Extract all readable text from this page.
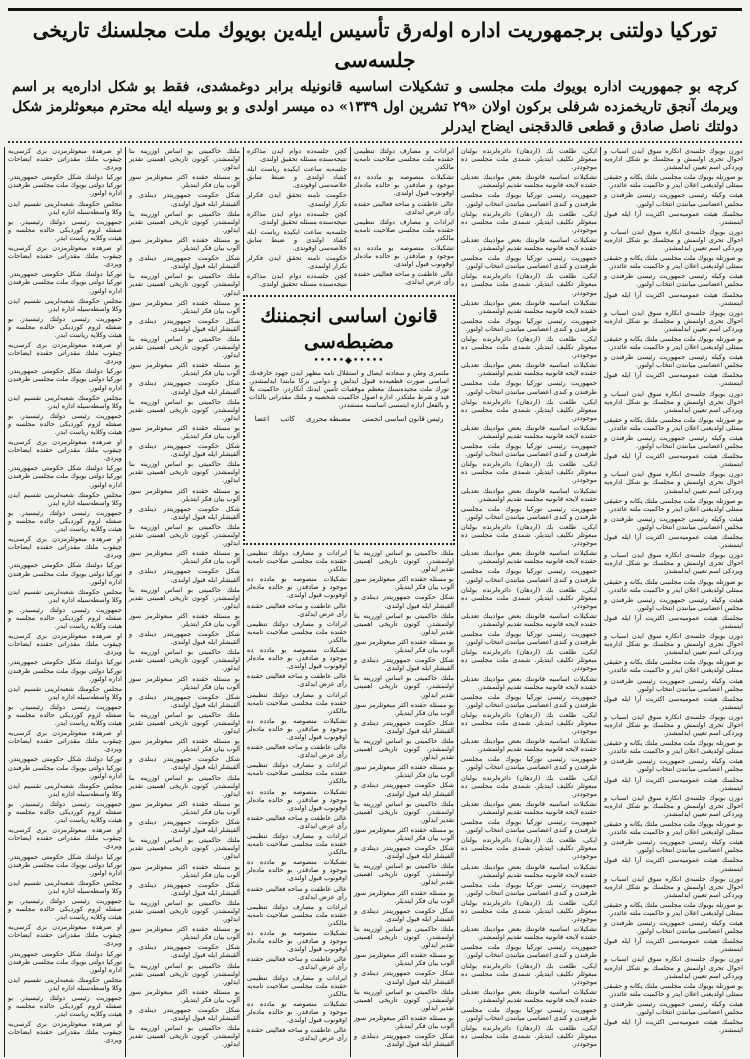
توركيا دولتنى برجمهوريت اداره اولەرق تأسيس ايله‌ين بويوك ملت مجلسنك تاريخى جلسه‌سى
كرچه بو جمهوريت اداره بويوك ملت مجلسى و تشكيلات اساسيه قانونيله برابر دوغمشدى، فقط بو شكل اداره‌يه بر اسم ويرمك آنجق تاريخمزده شرفلى بركون اولان «٢٩ تشرين اول ١٣٣٩» ده ميسر اولدى و بو وسيله ايله محترم مبعوثلرمز شكل دولتك ناصل صادق و قطعى قالدقجنى ايضاح ايدرلر

دورن بويوك جلسه‌ى انكاره سوق ايدن اسباب و احوال تحرى اولنمش و مجلسك بو شكل اداره‌يه ويردكى اسم تعيين ايدلمشدر.

بو صورتله بويوك ملت مجلسى ملتك يكانه و حقيقى ممثلى اولديغنى اعلان ايدر و حاكميت ملته عائددر.

هيئت وكيله رئيسى جمهوريت رئيسى طرفندن و مجلس اعضاسى ميانندن انتخاب اولنور.

مجلسك هيئت عموميه‌سى اكثريت آرا ايله قبول ايتمشدر.

دورن بويوك جلسه‌ى انكاره سوق ايدن اسباب و احوال تحرى اولنمش و مجلسك بو شكل اداره‌يه ويردكى اسم تعيين ايدلمشدر.

بو صورتله بويوك ملت مجلسى ملتك يكانه و حقيقى ممثلى اولديغنى اعلان ايدر و حاكميت ملته عائددر.

هيئت وكيله رئيسى جمهوريت رئيسى طرفندن و مجلس اعضاسى ميانندن انتخاب اولنور.

مجلسك هيئت عموميه‌سى اكثريت آرا ايله قبول ايتمشدر.

دورن بويوك جلسه‌ى انكاره سوق ايدن اسباب و احوال تحرى اولنمش و مجلسك بو شكل اداره‌يه ويردكى اسم تعيين ايدلمشدر.

بو صورتله بويوك ملت مجلسى ملتك يكانه و حقيقى ممثلى اولديغنى اعلان ايدر و حاكميت ملته عائددر.

هيئت وكيله رئيسى جمهوريت رئيسى طرفندن و مجلس اعضاسى ميانندن انتخاب اولنور.

مجلسك هيئت عموميه‌سى اكثريت آرا ايله قبول ايتمشدر.

دورن بويوك جلسه‌ى انكاره سوق ايدن اسباب و احوال تحرى اولنمش و مجلسك بو شكل اداره‌يه ويردكى اسم تعيين ايدلمشدر.

بو صورتله بويوك ملت مجلسى ملتك يكانه و حقيقى ممثلى اولديغنى اعلان ايدر و حاكميت ملته عائددر.

هيئت وكيله رئيسى جمهوريت رئيسى طرفندن و مجلس اعضاسى ميانندن انتخاب اولنور.

مجلسك هيئت عموميه‌سى اكثريت آرا ايله قبول ايتمشدر.

دورن بويوك جلسه‌ى انكاره سوق ايدن اسباب و احوال تحرى اولنمش و مجلسك بو شكل اداره‌يه ويردكى اسم تعيين ايدلمشدر.

بو صورتله بويوك ملت مجلسى ملتك يكانه و حقيقى ممثلى اولديغنى اعلان ايدر و حاكميت ملته عائددر.

هيئت وكيله رئيسى جمهوريت رئيسى طرفندن و مجلس اعضاسى ميانندن انتخاب اولنور.

مجلسك هيئت عموميه‌سى اكثريت آرا ايله قبول ايتمشدر.

دورن بويوك جلسه‌ى انكاره سوق ايدن اسباب و احوال تحرى اولنمش و مجلسك بو شكل اداره‌يه ويردكى اسم تعيين ايدلمشدر.

بو صورتله بويوك ملت مجلسى ملتك يكانه و حقيقى ممثلى اولديغنى اعلان ايدر و حاكميت ملته عائددر.

هيئت وكيله رئيسى جمهوريت رئيسى طرفندن و مجلس اعضاسى ميانندن انتخاب اولنور.

مجلسك هيئت عموميه‌سى اكثريت آرا ايله قبول ايتمشدر.

دورن بويوك جلسه‌ى انكاره سوق ايدن اسباب و احوال تحرى اولنمش و مجلسك بو شكل اداره‌يه ويردكى اسم تعيين ايدلمشدر.

بو صورتله بويوك ملت مجلسى ملتك يكانه و حقيقى ممثلى اولديغنى اعلان ايدر و حاكميت ملته عائددر.

هيئت وكيله رئيسى جمهوريت رئيسى طرفندن و مجلس اعضاسى ميانندن انتخاب اولنور.

مجلسك هيئت عموميه‌سى اكثريت آرا ايله قبول ايتمشدر.

دورن بويوك جلسه‌ى انكاره سوق ايدن اسباب و احوال تحرى اولنمش و مجلسك بو شكل اداره‌يه ويردكى اسم تعيين ايدلمشدر.

بو صورتله بويوك ملت مجلسى ملتك يكانه و حقيقى ممثلى اولديغنى اعلان ايدر و حاكميت ملته عائددر.

هيئت وكيله رئيسى جمهوريت رئيسى طرفندن و مجلس اعضاسى ميانندن انتخاب اولنور.

مجلسك هيئت عموميه‌سى اكثريت آرا ايله قبول ايتمشدر.

دورن بويوك جلسه‌ى انكاره سوق ايدن اسباب و احوال تحرى اولنمش و مجلسك بو شكل اداره‌يه ويردكى اسم تعيين ايدلمشدر.

بو صورتله بويوك ملت مجلسى ملتك يكانه و حقيقى ممثلى اولديغنى اعلان ايدر و حاكميت ملته عائددر.

هيئت وكيله رئيسى جمهوريت رئيسى طرفندن و مجلس اعضاسى ميانندن انتخاب اولنور.

مجلسك هيئت عموميه‌سى اكثريت آرا ايله قبول ايتمشدر.

دورن بويوك جلسه‌ى انكاره سوق ايدن اسباب و احوال تحرى اولنمش و مجلسك بو شكل اداره‌يه ويردكى اسم تعيين ايدلمشدر.

بو صورتله بويوك ملت مجلسى ملتك يكانه و حقيقى ممثلى اولديغنى اعلان ايدر و حاكميت ملته عائددر.

هيئت وكيله رئيسى جمهوريت رئيسى طرفندن و مجلس اعضاسى ميانندن انتخاب اولنور.

مجلسك هيئت عموميه‌سى اكثريت آرا ايله قبول ايتمشدر.

دورن بويوك جلسه‌ى انكاره سوق ايدن اسباب و احوال تحرى اولنمش و مجلسك بو شكل اداره‌يه ويردكى اسم تعيين ايدلمشدر.

بو صورتله بويوك ملت مجلسى ملتك يكانه و حقيقى ممثلى اولديغنى اعلان ايدر و حاكميت ملته عائددر.

هيئت وكيله رئيسى جمهوريت رئيسى طرفندن و مجلس اعضاسى ميانندن انتخاب اولنور.

مجلسك هيئت عموميه‌سى اكثريت آرا ايله قبول ايتمشدر.

ايكى، طلعت بك (اردهان) دائره‌لرنده بولنان مبعوثلر تكليف ايتديلر. شمدى ملت مجلسى ده موجوددر.

تشكيلات اساسيه قانوننك بعض موادينك تعديلى حقنده لايحه قانونيه مجلسه تقديم اولنمشدر.

جمهوريت رئيسى تورکيا بويوك ملت مجلسى طرفندن و كندى اعضاسى ميانندن انتخاب اولنور.

ايكى، طلعت بك (اردهان) دائره‌لرنده بولنان مبعوثلر تكليف ايتديلر. شمدى ملت مجلسى ده موجوددر.

تشكيلات اساسيه قانوننك بعض موادينك تعديلى حقنده لايحه قانونيه مجلسه تقديم اولنمشدر.

جمهوريت رئيسى تورکيا بويوك ملت مجلسى طرفندن و كندى اعضاسى ميانندن انتخاب اولنور.

ايكى، طلعت بك (اردهان) دائره‌لرنده بولنان مبعوثلر تكليف ايتديلر. شمدى ملت مجلسى ده موجوددر.

تشكيلات اساسيه قانوننك بعض موادينك تعديلى حقنده لايحه قانونيه مجلسه تقديم اولنمشدر.

جمهوريت رئيسى تورکيا بويوك ملت مجلسى طرفندن و كندى اعضاسى ميانندن انتخاب اولنور.

ايكى، طلعت بك (اردهان) دائره‌لرنده بولنان مبعوثلر تكليف ايتديلر. شمدى ملت مجلسى ده موجوددر.

تشكيلات اساسيه قانوننك بعض موادينك تعديلى حقنده لايحه قانونيه مجلسه تقديم اولنمشدر.

جمهوريت رئيسى تورکيا بويوك ملت مجلسى طرفندن و كندى اعضاسى ميانندن انتخاب اولنور.

ايكى، طلعت بك (اردهان) دائره‌لرنده بولنان مبعوثلر تكليف ايتديلر. شمدى ملت مجلسى ده موجوددر.

تشكيلات اساسيه قانوننك بعض موادينك تعديلى حقنده لايحه قانونيه مجلسه تقديم اولنمشدر.

جمهوريت رئيسى تورکيا بويوك ملت مجلسى طرفندن و كندى اعضاسى ميانندن انتخاب اولنور.

ايكى، طلعت بك (اردهان) دائره‌لرنده بولنان مبعوثلر تكليف ايتديلر. شمدى ملت مجلسى ده موجوددر.

تشكيلات اساسيه قانوننك بعض موادينك تعديلى حقنده لايحه قانونيه مجلسه تقديم اولنمشدر.

جمهوريت رئيسى تورکيا بويوك ملت مجلسى طرفندن و كندى اعضاسى ميانندن انتخاب اولنور.

ايكى، طلعت بك (اردهان) دائره‌لرنده بولنان مبعوثلر تكليف ايتديلر. شمدى ملت مجلسى ده موجوددر.

تشكيلات اساسيه قانوننك بعض موادينك تعديلى حقنده لايحه قانونيه مجلسه تقديم اولنمشدر.

جمهوريت رئيسى تورکيا بويوك ملت مجلسى طرفندن و كندى اعضاسى ميانندن انتخاب اولنور.

ايكى، طلعت بك (اردهان) دائره‌لرنده بولنان مبعوثلر تكليف ايتديلر. شمدى ملت مجلسى ده موجوددر.

تشكيلات اساسيه قانوننك بعض موادينك تعديلى حقنده لايحه قانونيه مجلسه تقديم اولنمشدر.

جمهوريت رئيسى تورکيا بويوك ملت مجلسى طرفندن و كندى اعضاسى ميانندن انتخاب اولنور.

ايكى، طلعت بك (اردهان) دائره‌لرنده بولنان مبعوثلر تكليف ايتديلر. شمدى ملت مجلسى ده موجوددر.

تشكيلات اساسيه قانوننك بعض موادينك تعديلى حقنده لايحه قانونيه مجلسه تقديم اولنمشدر.

جمهوريت رئيسى تورکيا بويوك ملت مجلسى طرفندن و كندى اعضاسى ميانندن انتخاب اولنور.

ايكى، طلعت بك (اردهان) دائره‌لرنده بولنان مبعوثلر تكليف ايتديلر. شمدى ملت مجلسى ده موجوددر.

تشكيلات اساسيه قانوننك بعض موادينك تعديلى حقنده لايحه قانونيه مجلسه تقديم اولنمشدر.

جمهوريت رئيسى تورکيا بويوك ملت مجلسى طرفندن و كندى اعضاسى ميانندن انتخاب اولنور.

ايكى، طلعت بك (اردهان) دائره‌لرنده بولنان مبعوثلر تكليف ايتديلر. شمدى ملت مجلسى ده موجوددر.

تشكيلات اساسيه قانوننك بعض موادينك تعديلى حقنده لايحه قانونيه مجلسه تقديم اولنمشدر.

جمهوريت رئيسى تورکيا بويوك ملت مجلسى طرفندن و كندى اعضاسى ميانندن انتخاب اولنور.

ايكى، طلعت بك (اردهان) دائره‌لرنده بولنان مبعوثلر تكليف ايتديلر. شمدى ملت مجلسى ده موجوددر.

تشكيلات اساسيه قانوننك بعض موادينك تعديلى حقنده لايحه قانونيه مجلسه تقديم اولنمشدر.

جمهوريت رئيسى تورکيا بويوك ملت مجلسى طرفندن و كندى اعضاسى ميانندن انتخاب اولنور.

ايكى، طلعت بك (اردهان) دائره‌لرنده بولنان مبعوثلر تكليف ايتديلر. شمدى ملت مجلسى ده موجوددر.

تشكيلات اساسيه قانوننك بعض موادينك تعديلى حقنده لايحه قانونيه مجلسه تقديم اولنمشدر.

جمهوريت رئيسى تورکيا بويوك ملت مجلسى طرفندن و كندى اعضاسى ميانندن انتخاب اولنور.

ايكى، طلعت بك (اردهان) دائره‌لرنده بولنان مبعوثلر تكليف ايتديلر. شمدى ملت مجلسى ده موجوددر.

تشكيلات اساسيه قانوننك بعض موادينك تعديلى حقنده لايحه قانونيه مجلسه تقديم اولنمشدر.

جمهوريت رئيسى تورکيا بويوك ملت مجلسى طرفندن و كندى اعضاسى ميانندن انتخاب اولنور.

ايكى، طلعت بك (اردهان) دائره‌لرنده بولنان مبعوثلر تكليف ايتديلر. شمدى ملت مجلسى ده موجوددر.

ايرادات و مصارف دولتك تنظيمى حقنده ملت مجلسى صلاحيت تامه‌يه مالكدر.

تشكيلات منصوصه بو مادده ده موجود و صادقدر. بو حالده ماده‌لر اوقونوب قبول اولندى.

عالى عاطفت و ساحه فعاليتى حقنده رأى عرض ايدلدى.

ايرادات و مصارف دولتك تنظيمى حقنده ملت مجلسى صلاحيت تامه‌يه مالكدر.

تشكيلات منصوصه بو مادده ده موجود و صادقدر. بو حالده ماده‌لر اوقونوب قبول اولندى.

عالى عاطفت و ساحه فعاليتى حقنده رأى عرض ايدلدى.

كچن جلسه‌ده دوام ايدن مذاكره نتيجه‌سنده مسئله تحقيق اولندى.

جلسه‌يه ساعت ايكيده رياست ايله كشاد اولندى و ضبط سابق خلاصه‌سى اوقوندى.

حكومت نامنه تحقق ايدن فكرلر تكرار اولنمدى.

كچن جلسه‌ده دوام ايدن مذاكره نتيجه‌سنده مسئله تحقيق اولندى.

جلسه‌يه ساعت ايكيده رياست ايله كشاد اولندى و ضبط سابق خلاصه‌سى اوقوندى.

حكومت نامنه تحقق ايدن فكرلر تكرار اولنمدى.

كچن جلسه‌ده دوام ايدن مذاكره نتيجه‌سنده مسئله تحقيق اولندى.

ملتك حاكميتى بو اساس اوزرينه بنا اولنمشدر. كونون تاريخى اهميتى تقدير ايدلور.

بو مسئله حقنده اكثر مبعوثلرمز سوز آلوب بيان فكر ايتديلر.

شكل حكومت جمهوريتدر دينلدى و آلقيشلر ايله قبول اولندى.

ملتك حاكميتى بو اساس اوزرينه بنا اولنمشدر. كونون تاريخى اهميتى تقدير ايدلور.

بو مسئله حقنده اكثر مبعوثلرمز سوز آلوب بيان فكر ايتديلر.

شكل حكومت جمهوريتدر دينلدى و آلقيشلر ايله قبول اولندى.

ملتك حاكميتى بو اساس اوزرينه بنا اولنمشدر. كونون تاريخى اهميتى تقدير ايدلور.

بو مسئله حقنده اكثر مبعوثلرمز سوز آلوب بيان فكر ايتديلر.

شكل حكومت جمهوريتدر دينلدى و آلقيشلر ايله قبول اولندى.

ملتك حاكميتى بو اساس اوزرينه بنا اولنمشدر. كونون تاريخى اهميتى تقدير ايدلور.

بو مسئله حقنده اكثر مبعوثلرمز سوز آلوب بيان فكر ايتديلر.

شكل حكومت جمهوريتدر دينلدى و آلقيشلر ايله قبول اولندى.

ملتك حاكميتى بو اساس اوزرينه بنا اولنمشدر. كونون تاريخى اهميتى تقدير ايدلور.

بو مسئله حقنده اكثر مبعوثلرمز سوز آلوب بيان فكر ايتديلر.

شكل حكومت جمهوريتدر دينلدى و آلقيشلر ايله قبول اولندى.

ملتك حاكميتى بو اساس اوزرينه بنا اولنمشدر. كونون تاريخى اهميتى تقدير ايدلور.

بو مسئله حقنده اكثر مبعوثلرمز سوز آلوب بيان فكر ايتديلر.

شكل حكومت جمهوريتدر دينلدى و آلقيشلر ايله قبول اولندى.

ملتك حاكميتى بو اساس اوزرينه بنا اولنمشدر. كونون تاريخى اهميتى تقدير ايدلور.

بو مسئله حقنده اكثر مبعوثلرمز سوز آلوب بيان فكر ايتديلر.

شكل حكومت جمهوريتدر دينلدى و آلقيشلر ايله قبول اولندى.

ملتك حاكميتى بو اساس اوزرينه بنا اولنمشدر. كونون تاريخى اهميتى تقدير ايدلور.

بو مسئله حقنده اكثر مبعوثلرمز سوز آلوب بيان فكر ايتديلر.

شكل حكومت جمهوريتدر دينلدى و آلقيشلر ايله قبول اولندى.

ايرادات و مصارف دولتك تنظيمى حقنده ملت مجلسى صلاحيت تامه‌يه مالكدر.

تشكيلات منصوصه بو مادده ده موجود و صادقدر. بو حالده ماده‌لر اوقونوب قبول اولندى.

عالى عاطفت و ساحه فعاليتى حقنده رأى عرض ايدلدى.

ايرادات و مصارف دولتك تنظيمى حقنده ملت مجلسى صلاحيت تامه‌يه مالكدر.

تشكيلات منصوصه بو مادده ده موجود و صادقدر. بو حالده ماده‌لر اوقونوب قبول اولندى.

عالى عاطفت و ساحه فعاليتى حقنده رأى عرض ايدلدى.

ايرادات و مصارف دولتك تنظيمى حقنده ملت مجلسى صلاحيت تامه‌يه مالكدر.

تشكيلات منصوصه بو مادده ده موجود و صادقدر. بو حالده ماده‌لر اوقونوب قبول اولندى.

عالى عاطفت و ساحه فعاليتى حقنده رأى عرض ايدلدى.

ايرادات و مصارف دولتك تنظيمى حقنده ملت مجلسى صلاحيت تامه‌يه مالكدر.

تشكيلات منصوصه بو مادده ده موجود و صادقدر. بو حالده ماده‌لر اوقونوب قبول اولندى.

عالى عاطفت و ساحه فعاليتى حقنده رأى عرض ايدلدى.

ايرادات و مصارف دولتك تنظيمى حقنده ملت مجلسى صلاحيت تامه‌يه مالكدر.

تشكيلات منصوصه بو مادده ده موجود و صادقدر. بو حالده ماده‌لر اوقونوب قبول اولندى.

عالى عاطفت و ساحه فعاليتى حقنده رأى عرض ايدلدى.

ايرادات و مصارف دولتك تنظيمى حقنده ملت مجلسى صلاحيت تامه‌يه مالكدر.

تشكيلات منصوصه بو مادده ده موجود و صادقدر. بو حالده ماده‌لر اوقونوب قبول اولندى.

عالى عاطفت و ساحه فعاليتى حقنده رأى عرض ايدلدى.

ايرادات و مصارف دولتك تنظيمى حقنده ملت مجلسى صلاحيت تامه‌يه مالكدر.

تشكيلات منصوصه بو مادده ده موجود و صادقدر. بو حالده ماده‌لر اوقونوب قبول اولندى.

عالى عاطفت و ساحه فعاليتى حقنده رأى عرض ايدلدى.

ملتك حاكميتى بو اساس اوزرينه بنا اولنمشدر. كونون تاريخى اهميتى تقدير ايدلور.

بو مسئله حقنده اكثر مبعوثلرمز سوز آلوب بيان فكر ايتديلر.

شكل حكومت جمهوريتدر دينلدى و آلقيشلر ايله قبول اولندى.

ملتك حاكميتى بو اساس اوزرينه بنا اولنمشدر. كونون تاريخى اهميتى تقدير ايدلور.

بو مسئله حقنده اكثر مبعوثلرمز سوز آلوب بيان فكر ايتديلر.

شكل حكومت جمهوريتدر دينلدى و آلقيشلر ايله قبول اولندى.

ملتك حاكميتى بو اساس اوزرينه بنا اولنمشدر. كونون تاريخى اهميتى تقدير ايدلور.

بو مسئله حقنده اكثر مبعوثلرمز سوز آلوب بيان فكر ايتديلر.

شكل حكومت جمهوريتدر دينلدى و آلقيشلر ايله قبول اولندى.

ملتك حاكميتى بو اساس اوزرينه بنا اولنمشدر. كونون تاريخى اهميتى تقدير ايدلور.

بو مسئله حقنده اكثر مبعوثلرمز سوز آلوب بيان فكر ايتديلر.

شكل حكومت جمهوريتدر دينلدى و آلقيشلر ايله قبول اولندى.

ملتك حاكميتى بو اساس اوزرينه بنا اولنمشدر. كونون تاريخى اهميتى تقدير ايدلور.

بو مسئله حقنده اكثر مبعوثلرمز سوز آلوب بيان فكر ايتديلر.

شكل حكومت جمهوريتدر دينلدى و آلقيشلر ايله قبول اولندى.

ملتك حاكميتى بو اساس اوزرينه بنا اولنمشدر. كونون تاريخى اهميتى تقدير ايدلور.

بو مسئله حقنده اكثر مبعوثلرمز سوز آلوب بيان فكر ايتديلر.

شكل حكومت جمهوريتدر دينلدى و آلقيشلر ايله قبول اولندى.

ملتك حاكميتى بو اساس اوزرينه بنا اولنمشدر. كونون تاريخى اهميتى تقدير ايدلور.

بو مسئله حقنده اكثر مبعوثلرمز سوز آلوب بيان فكر ايتديلر.

شكل حكومت جمهوريتدر دينلدى و آلقيشلر ايله قبول اولندى.

ملتك حاكميتى بو اساس اوزرينه بنا اولنمشدر. كونون تاريخى اهميتى تقدير ايدلور.

بو مسئله حقنده اكثر مبعوثلرمز سوز آلوب بيان فكر ايتديلر.

شكل حكومت جمهوريتدر دينلدى و آلقيشلر ايله قبول اولندى.

ملتك حاكميتى بو اساس اوزرينه بنا اولنمشدر. كونون تاريخى اهميتى تقدير ايدلور.

بو مسئله حقنده اكثر مبعوثلرمز سوز آلوب بيان فكر ايتديلر.

شكل حكومت جمهوريتدر دينلدى و آلقيشلر ايله قبول اولندى.

ملتك حاكميتى بو اساس اوزرينه بنا اولنمشدر. كونون تاريخى اهميتى تقدير ايدلور.

بو مسئله حقنده اكثر مبعوثلرمز سوز آلوب بيان فكر ايتديلر.

شكل حكومت جمهوريتدر دينلدى و آلقيشلر ايله قبول اولندى.

ملتك حاكميتى بو اساس اوزرينه بنا اولنمشدر. كونون تاريخى اهميتى تقدير ايدلور.

بو مسئله حقنده اكثر مبعوثلرمز سوز آلوب بيان فكر ايتديلر.

شكل حكومت جمهوريتدر دينلدى و آلقيشلر ايله قبول اولندى.

ملتك حاكميتى بو اساس اوزرينه بنا اولنمشدر. كونون تاريخى اهميتى تقدير ايدلور.

بو مسئله حقنده اكثر مبعوثلرمز سوز آلوب بيان فكر ايتديلر.

شكل حكومت جمهوريتدر دينلدى و آلقيشلر ايله قبول اولندى.

ملتك حاكميتى بو اساس اوزرينه بنا اولنمشدر. كونون تاريخى اهميتى تقدير ايدلور.

بو مسئله حقنده اكثر مبعوثلرمز سوز آلوب بيان فكر ايتديلر.

شكل حكومت جمهوريتدر دينلدى و آلقيشلر ايله قبول اولندى.

ملتك حاكميتى بو اساس اوزرينه بنا اولنمشدر. كونون تاريخى اهميتى تقدير ايدلور.

بو مسئله حقنده اكثر مبعوثلرمز سوز آلوب بيان فكر ايتديلر.

شكل حكومت جمهوريتدر دينلدى و آلقيشلر ايله قبول اولندى.

ملتك حاكميتى بو اساس اوزرينه بنا اولنمشدر. كونون تاريخى اهميتى تقدير ايدلور.

او صرهده مبعوثلرمزدن برى كرسى‌يه چيقوب ملتك مقدراتى حقنده ايضاحات ويردى.

توركيا دولتنك شكل حكومتى جمهوريتدر. توركيا دولتى بويوك ملت مجلسى طرفندن اداره اولنور.

مجلس حكومتك شعبه‌لرينى تقسيم ايدن وكلا واسطه‌سيله اداره ايدر.

جمهوريت رئيسى دولتك رئيسيدر. بو صفتله لزوم كورديكى حالده مجلسه و هيئت وكلايه رياست ايدر.

او صرهده مبعوثلرمزدن برى كرسى‌يه چيقوب ملتك مقدراتى حقنده ايضاحات ويردى.

توركيا دولتنك شكل حكومتى جمهوريتدر. توركيا دولتى بويوك ملت مجلسى طرفندن اداره اولنور.

مجلس حكومتك شعبه‌لرينى تقسيم ايدن وكلا واسطه‌سيله اداره ايدر.

جمهوريت رئيسى دولتك رئيسيدر. بو صفتله لزوم كورديكى حالده مجلسه و هيئت وكلايه رياست ايدر.

او صرهده مبعوثلرمزدن برى كرسى‌يه چيقوب ملتك مقدراتى حقنده ايضاحات ويردى.

توركيا دولتنك شكل حكومتى جمهوريتدر. توركيا دولتى بويوك ملت مجلسى طرفندن اداره اولنور.

مجلس حكومتك شعبه‌لرينى تقسيم ايدن وكلا واسطه‌سيله اداره ايدر.

جمهوريت رئيسى دولتك رئيسيدر. بو صفتله لزوم كورديكى حالده مجلسه و هيئت وكلايه رياست ايدر.

او صرهده مبعوثلرمزدن برى كرسى‌يه چيقوب ملتك مقدراتى حقنده ايضاحات ويردى.

توركيا دولتنك شكل حكومتى جمهوريتدر. توركيا دولتى بويوك ملت مجلسى طرفندن اداره اولنور.

مجلس حكومتك شعبه‌لرينى تقسيم ايدن وكلا واسطه‌سيله اداره ايدر.

جمهوريت رئيسى دولتك رئيسيدر. بو صفتله لزوم كورديكى حالده مجلسه و هيئت وكلايه رياست ايدر.

او صرهده مبعوثلرمزدن برى كرسى‌يه چيقوب ملتك مقدراتى حقنده ايضاحات ويردى.

توركيا دولتنك شكل حكومتى جمهوريتدر. توركيا دولتى بويوك ملت مجلسى طرفندن اداره اولنور.

مجلس حكومتك شعبه‌لرينى تقسيم ايدن وكلا واسطه‌سيله اداره ايدر.

جمهوريت رئيسى دولتك رئيسيدر. بو صفتله لزوم كورديكى حالده مجلسه و هيئت وكلايه رياست ايدر.

او صرهده مبعوثلرمزدن برى كرسى‌يه چيقوب ملتك مقدراتى حقنده ايضاحات ويردى.

توركيا دولتنك شكل حكومتى جمهوريتدر. توركيا دولتى بويوك ملت مجلسى طرفندن اداره اولنور.

مجلس حكومتك شعبه‌لرينى تقسيم ايدن وكلا واسطه‌سيله اداره ايدر.

جمهوريت رئيسى دولتك رئيسيدر. بو صفتله لزوم كورديكى حالده مجلسه و هيئت وكلايه رياست ايدر.

او صرهده مبعوثلرمزدن برى كرسى‌يه چيقوب ملتك مقدراتى حقنده ايضاحات ويردى.

توركيا دولتنك شكل حكومتى جمهوريتدر. توركيا دولتى بويوك ملت مجلسى طرفندن اداره اولنور.

مجلس حكومتك شعبه‌لرينى تقسيم ايدن وكلا واسطه‌سيله اداره ايدر.

جمهوريت رئيسى دولتك رئيسيدر. بو صفتله لزوم كورديكى حالده مجلسه و هيئت وكلايه رياست ايدر.

او صرهده مبعوثلرمزدن برى كرسى‌يه چيقوب ملتك مقدراتى حقنده ايضاحات ويردى.

توركيا دولتنك شكل حكومتى جمهوريتدر. توركيا دولتى بويوك ملت مجلسى طرفندن اداره اولنور.

مجلس حكومتك شعبه‌لرينى تقسيم ايدن وكلا واسطه‌سيله اداره ايدر.

جمهوريت رئيسى دولتك رئيسيدر. بو صفتله لزوم كورديكى حالده مجلسه و هيئت وكلايه رياست ايدر.

او صرهده مبعوثلرمزدن برى كرسى‌يه چيقوب ملتك مقدراتى حقنده ايضاحات ويردى.

توركيا دولتنك شكل حكومتى جمهوريتدر. توركيا دولتى بويوك ملت مجلسى طرفندن اداره اولنور.

مجلس حكومتك شعبه‌لرينى تقسيم ايدن وكلا واسطه‌سيله اداره ايدر.

جمهوريت رئيسى دولتك رئيسيدر. بو صفتله لزوم كورديكى حالده مجلسه و هيئت وكلايه رياست ايدر.

او صرهده مبعوثلرمزدن برى كرسى‌يه چيقوب ملتك مقدراتى حقنده ايضاحات ويردى.

قانون اساسى انجمننك مضبطه‌سى
•••••◆•••••
ملتمزى وطن و سعادته ايصال و استقلال تامه مظهر ايدن جهود خارقه‌نك اساسى صورت قطعيه‌ده قبول ايدلش و دوامى بركا مابتدا ايدلمشدر. تورك ملت مجيده‌سنك معظم موقفيات تأمين ايدنك آتكاردر. حاكميت بلا قيد و شرط ملتكدر. اداره اصول حاكميت شخصيه و ملتك مقدراتى بالذات و بالفعل اداره ايتمسى اساسنه مستنددر.
رئيس قانون اساسى انجمنى
مضبطه محررى
كاتب
اعضا
